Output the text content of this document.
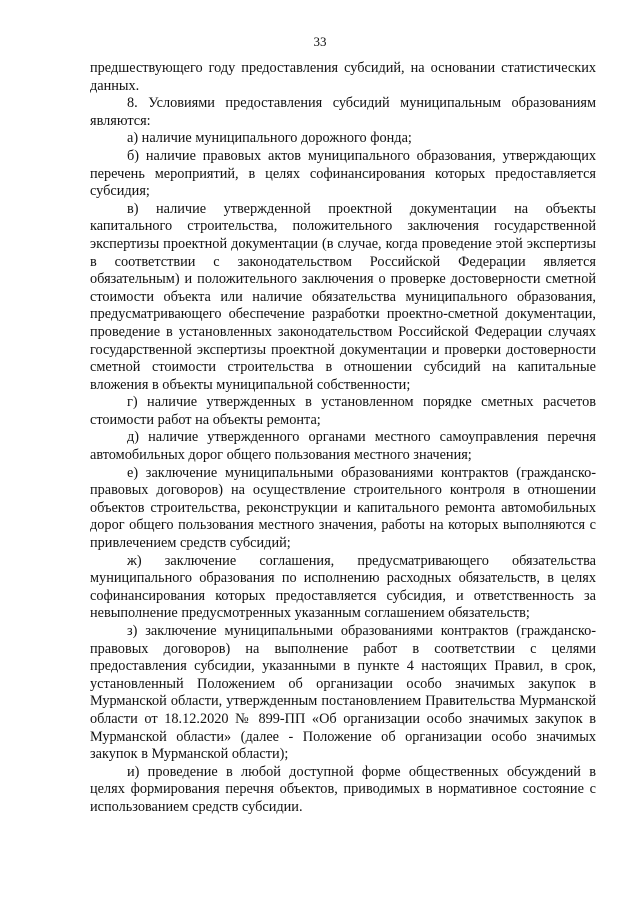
33

предшествующего году предоставления субсидий, на основании статистических данных.

8. Условиями предоставления субсидий муниципальным образованиям являются:

а) наличие муниципального дорожного фонда;

б) наличие правовых актов муниципального образования, утверждающих перечень мероприятий, в целях софинансирования которых предоставляется субсидия;

в) наличие утвержденной проектной документации на объекты капитального строительства, положительного заключения государственной экспертизы проектной документации (в случае, когда проведение этой экспертизы в соответствии с законодательством Российской Федерации является обязательным) и положительного заключения о проверке достоверности сметной стоимости объекта или наличие обязательства муниципального образования, предусматривающего обеспечение разработки проектно-сметной документации, проведение в установленных законодательством Российской Федерации случаях государственной экспертизы проектной документации и проверки достоверности сметной стоимости строительства в отношении субсидий на капитальные вложения в объекты муниципальной собственности;

г) наличие утвержденных в установленном порядке сметных расчетов стоимости работ на объекты ремонта;

д) наличие утвержденного органами местного самоуправления перечня автомобильных дорог общего пользования местного значения;

е) заключение муниципальными образованиями контрактов (гражданско-правовых договоров) на осуществление строительного контроля в отношении объектов строительства, реконструкции и капитального ремонта автомобильных дорог общего пользования местного значения, работы на которых выполняются с привлечением средств субсидий;

ж) заключение соглашения, предусматривающего обязательства муниципального образования по исполнению расходных обязательств, в целях софинансирования которых предоставляется субсидия, и ответственность за невыполнение предусмотренных указанным соглашением обязательств;

з) заключение муниципальными образованиями контрактов (гражданско-правовых договоров) на выполнение работ в соответствии с целями предоставления субсидии, указанными в пункте 4 настоящих Правил, в срок, установленный Положением об организации особо значимых закупок в Мурманской области, утвержденным постановлением Правительства Мурманской области от 18.12.2020 № 899-ПП «Об организации особо значимых закупок в Мурманской области» (далее - Положение об организации особо значимых закупок в Мурманской области);

и) проведение в любой доступной форме общественных обсуждений в целях формирования перечня объектов, приводимых в нормативное состояние с использованием средств субсидии.
